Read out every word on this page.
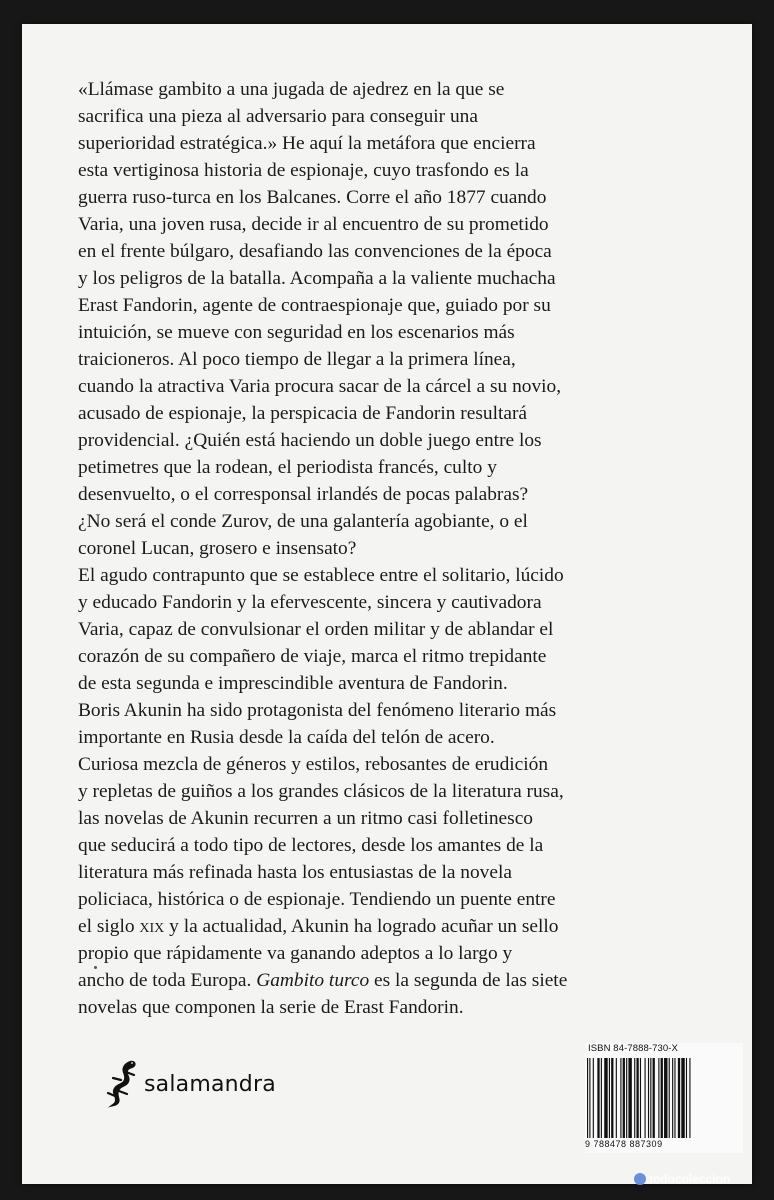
«Llámase gambito a una jugada de ajedrez en la que se
sacrifica una pieza al adversario para conseguir una
superioridad estratégica.» He aquí la metáfora que encierra
esta vertiginosa historia de espionaje, cuyo trasfondo es la
guerra ruso-turca en los Balcanes. Corre el año 1877 cuando
Varia, una joven rusa, decide ir al encuentro de su prometido
en el frente búlgaro, desafiando las convenciones de la época
y los peligros de la batalla. Acompaña a la valiente muchacha
Erast Fandorin, agente de contraespionaje que, guiado por su
intuición, se mueve con seguridad en los escenarios más
traicioneros. Al poco tiempo de llegar a la primera línea,
cuando la atractiva Varia procura sacar de la cárcel a su novio,
acusado de espionaje, la perspicacia de Fandorin resultará
providencial. ¿Quién está haciendo un doble juego entre los
petimetres que la rodean, el periodista francés, culto y
desenvuelto, o el corresponsal irlandés de pocas palabras?
¿No será el conde Zurov, de una galantería agobiante, o el
coronel Lucan, grosero e insensato?
El agudo contrapunto que se establece entre el solitario, lúcido
y educado Fandorin y la efervescente, sincera y cautivadora
Varia, capaz de convulsionar el orden militar y de ablandar el
corazón de su compañero de viaje, marca el ritmo trepidante
de esta segunda e imprescindible aventura de Fandorin.
Boris Akunin ha sido protagonista del fenómeno literario más
importante en Rusia desde la caída del telón de acero.
Curiosa mezcla de géneros y estilos, rebosantes de erudición
y repletas de guiños a los grandes clásicos de la literatura rusa,
las novelas de Akunin recurren a un ritmo casi folletinesco
que seducirá a todo tipo de lectores, desde los amantes de la
literatura más refinada hasta los entusiastas de la novela
policiaca, histórica o de espionaje. Tendiendo un puente entre
el siglo xix y la actualidad, Akunin ha logrado acuñar un sello
propio que rápidamente va ganando adeptos a lo largo y
ancho de toda Europa. Gambito turco es la segunda de las siete
novelas que componen la serie de Erast Fandorin.
salamandra
ISBN 84-7888-730-X
9 788478 887309
todocoleccion
